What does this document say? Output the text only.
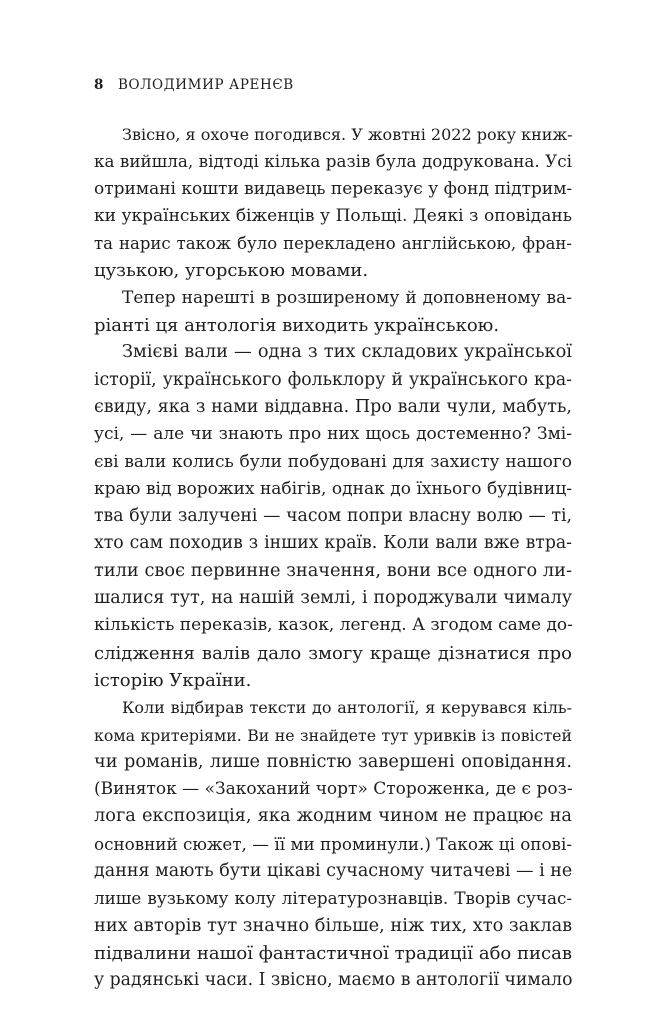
8 ВОЛОДИМИР АРЕНЄВ
Звісно, я охоче погодився. У жовтні 2022 року книж-
ка вийшла, відтоді кілька разів була додрукована. Усі
отримані кошти видавець переказує у фонд підтрим-
ки українських біженців у Польщі. Деякі з оповідань
та нарис також було перекладено англійською, фран-
цузькою, угорською мовами.
Тепер нарешті в розширеному й доповненому ва-
ріанті ця антологія виходить українською.
Змієві вали — одна з тих складових української
історії, українського фольклору й українського кра-
євиду, яка з нами віддавна. Про вали чули, мабуть,
усі, — але чи знають про них щось достеменно? Змі-
єві вали колись були побудовані для захисту нашого
краю від ворожих набігів, однак до їхнього будівниц-
тва були залучені — часом попри власну волю — ті,
хто сам походив з інших країв. Коли вали вже втра-
тили своє первинне значення, вони все одного ли-
шалися тут, на нашій землі, і породжували чималу
кількість переказів, казок, легенд. А згодом саме до-
слідження валів дало змогу краще дізнатися про
історію України.
Коли відбирав тексти до антології, я керувався кіль-
кома критеріями. Ви не знайдете тут уривків із повістей
чи романів, лише повністю завершені оповідання.
(Виняток — «Закоханий чорт» Стороженка, де є роз-
лога експозиція, яка жодним чином не працює на
основний сюжет, — її ми проминули.) Також ці опові-
дання мають бути цікаві сучасному читачеві — і не
лише вузькому колу літературознавців. Творів сучас-
них авторів тут значно більше, ніж тих, хто заклав
підвалини нашої фантастичної традиції або писав
у радянські часи. І звісно, маємо в антології чимало
